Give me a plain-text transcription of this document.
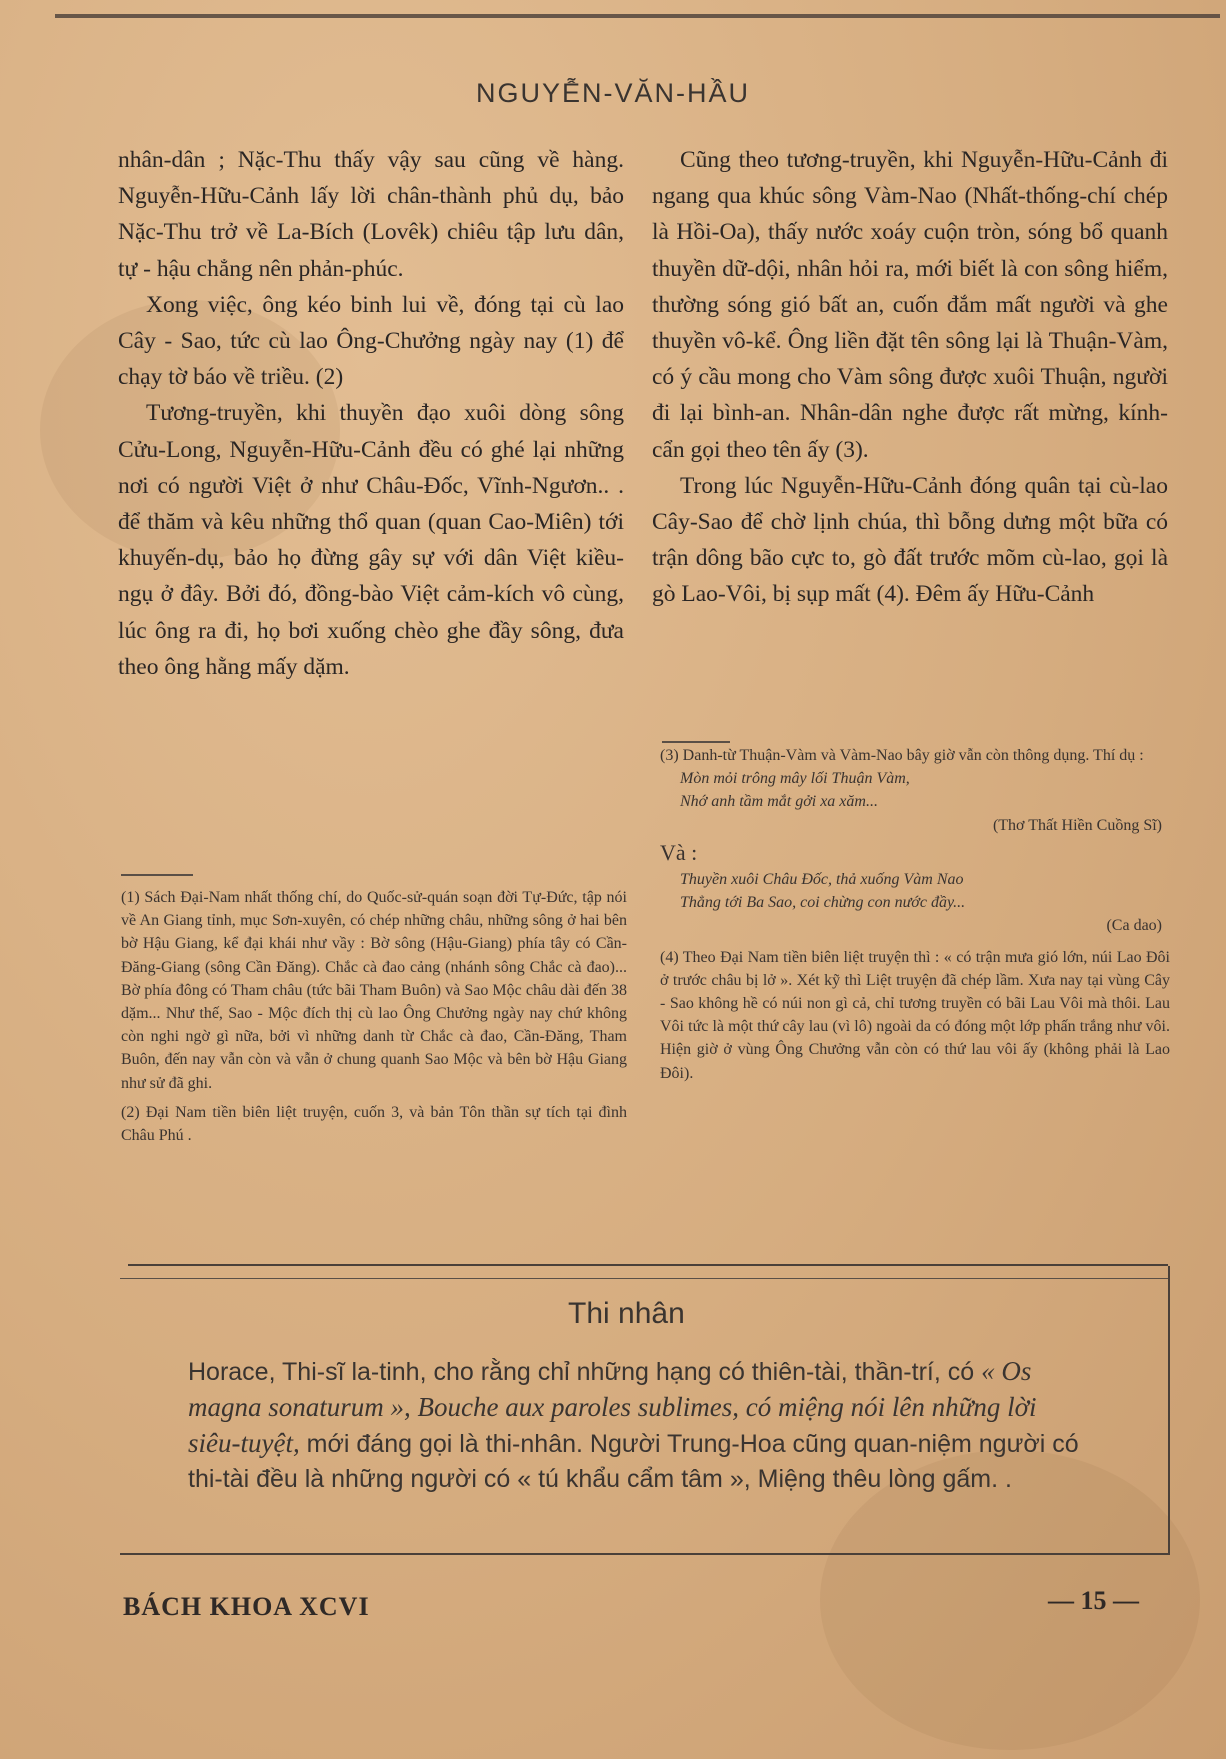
NGUYỄN-VĂN-HẦU

nhân-dân ; Nặc-Thu thấy vậy sau cũng về hàng. Nguyễn-Hữu-Cảnh lấy lời chân-thành phủ dụ, bảo Nặc-Thu trở về La-Bích (Lovêk) chiêu tập lưu dân, tự - hậu chẳng nên phản-phúc.

Xong việc, ông kéo binh lui về, đóng tại cù lao Cây - Sao, tức cù lao Ông-Chưởng ngày nay (1) để chạy tờ báo về triều. (2)

Tương-truyền, khi thuyền đạo xuôi dòng sông Cửu-Long, Nguyễn-Hữu-Cảnh đều có ghé lại những nơi có người Việt ở như Châu-Đốc, Vĩnh-Ngươn.. . để thăm và kêu những thổ quan (quan Cao-Miên) tới khuyến-dụ, bảo họ đừng gây sự với dân Việt kiều-ngụ ở đây. Bởi đó, đồng-bào Việt cảm-kích vô cùng, lúc ông ra đi, họ bơi xuống chèo ghe đầy sông, đưa theo ông hằng mấy dặm.

Cũng theo tương-truyền, khi Nguyễn-Hữu-Cảnh đi ngang qua khúc sông Vàm-Nao (Nhất-thống-chí chép là Hồi-Oa), thấy nước xoáy cuộn tròn, sóng bổ quanh thuyền dữ-dội, nhân hỏi ra, mới biết là con sông hiểm, thường sóng gió bất an, cuốn đắm mất người và ghe thuyền vô-kể. Ông liền đặt tên sông lại là Thuận-Vàm, có ý cầu mong cho Vàm sông được xuôi Thuận, người đi lại bình-an. Nhân-dân nghe được rất mừng, kính- cẩn gọi theo tên ấy (3).

Trong lúc Nguyễn-Hữu-Cảnh đóng quân tại cù-lao Cây-Sao để chờ lịnh chúa, thì bỗng dưng một bữa có trận dông bão cực to, gò đất trước mõm cù-lao, gọi là gò Lao-Vôi, bị sụp mất (4). Đêm ấy Hữu-Cảnh

(1) Sách Đại-Nam nhất thống chí, do Quốc-sử-quán soạn đời Tự-Đức, tập nói về An Giang tỉnh, mục Sơn-xuyên, có chép những châu, những sông ở hai bên bờ Hậu Giang, kể đại khái như vầy : Bờ sông (Hậu-Giang) phía tây có Cần-Đăng-Giang (sông Cần Đăng). Chắc cà đao cảng (nhánh sông Chắc cà đao)... Bờ phía đông có Tham châu (tức bãi Tham Buôn) và Sao Mộc châu dài đến 38 dặm... Như thế, Sao - Mộc đích thị cù lao Ông Chưởng ngày nay chứ không còn nghi ngờ gì nữa, bởi vì những danh từ Chắc cà đao, Cần-Đăng, Tham Buôn, đến nay vẫn còn và vẫn ở chung quanh Sao Mộc và bên bờ Hậu Giang như sử đã ghi.

(2) Đại Nam tiền biên liệt truyện, cuốn 3, và bản Tôn thần sự tích tại đình Châu Phú .

(3) Danh-từ Thuận-Vàm và Vàm-Nao bây giờ vẫn còn thông dụng. Thí dụ :

Mòn mỏi trông mây lối Thuận Vàm,
Nhớ anh tầm mắt gởi xa xăm...
(Thơ Thất Hiền Cuồng Sĩ)

Và :

Thuyền xuôi Châu Đốc, thả xuống Vàm Nao
Thẳng tới Ba Sao, coi chừng con nước đầy...
(Ca dao)

(4) Theo Đại Nam tiền biên liệt truyện thì : « có trận mưa gió lớn, núi Lao Đôi ở trước châu bị lở ». Xét kỹ thì Liệt truyện đã chép lầm. Xưa nay tại vùng Cây - Sao không hề có núi non gì cả, chỉ tương truyền có bãi Lau Vôi mà thôi. Lau Vôi tức là một thứ cây lau (vì lô) ngoài da có đóng một lớp phấn trắng như vôi. Hiện giờ ở vùng Ông Chưởng vẫn còn có thứ lau vôi ấy (không phải là Lao Đôi).

Thi nhân
Horace, Thi-sĩ la-tinh, cho rằng chỉ những hạng có thiên-tài, thần-trí, có « Os magna sonaturum », Bouche aux paroles sublimes, có miệng nói lên những lời siêu-tuyệt, mới đáng gọi là thi-nhân. Người Trung-Hoa cũng quan-niệm người có thi-tài đều là những người có « tú khẩu cẩm tâm », Miệng thêu lòng gấm. .
BÁCH KHOA XCVI	— 15 —
